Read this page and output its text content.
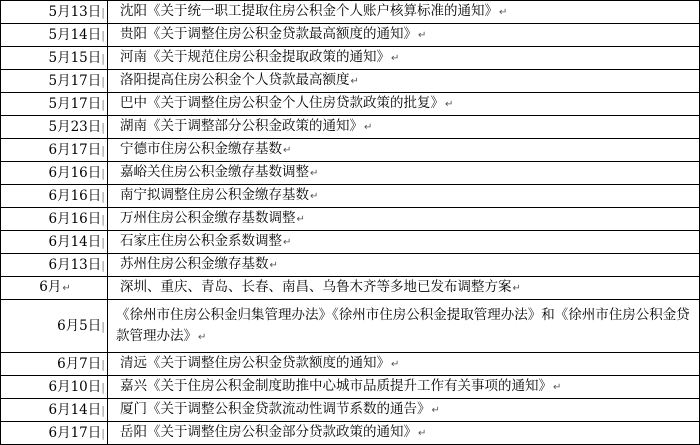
5月13日|	沈阳《关于统一职工提取住房公积金个人账户核算标准的通知》↵
5月14日|	贵阳《关于调整住房公积金贷款最高额度的通知》↵
5月15日|	河南《关于规范住房公积金提取政策的通知》↵
5月17日|	洛阳提高住房公积金个人贷款最高额度↵
5月17日|	巴中《关于调整住房公积金个人住房贷款政策的批复》↵
5月23日|	湖南《关于调整部分公积金政策的通知》↵
6月17日|	宁德市住房公积金缴存基数↵
6月16日|	嘉峪关住房公积金缴存基数调整↵
6月16日|	南宁拟调整住房公积金缴存基数↵
6月16日|	万州住房公积金缴存基数调整↵
6月14日|	石家庄住房公积金系数调整↵
6月13日|	苏州住房公积金缴存基数↵
6月↵	深圳、重庆、青岛、长春、南昌、乌鲁木齐等多地已发布调整方案↵
6月5日|	《徐州市住房公积金归集管理办法》《徐州市住房公积金提取管理办法》和《徐州市住房公积金贷款管理办法》↵
6月7日|	清远《关于调整住房公积金贷款额度的通知》↵
6月10日|	嘉兴《关于住房公积金制度助推中心城市品质提升工作有关事项的通知》↵
6月14日|	厦门《关于调整公积金贷款流动性调节系数的通告》↵
6月17日|	岳阳《关于调整住房公积金部分贷款政策的通知》↵
